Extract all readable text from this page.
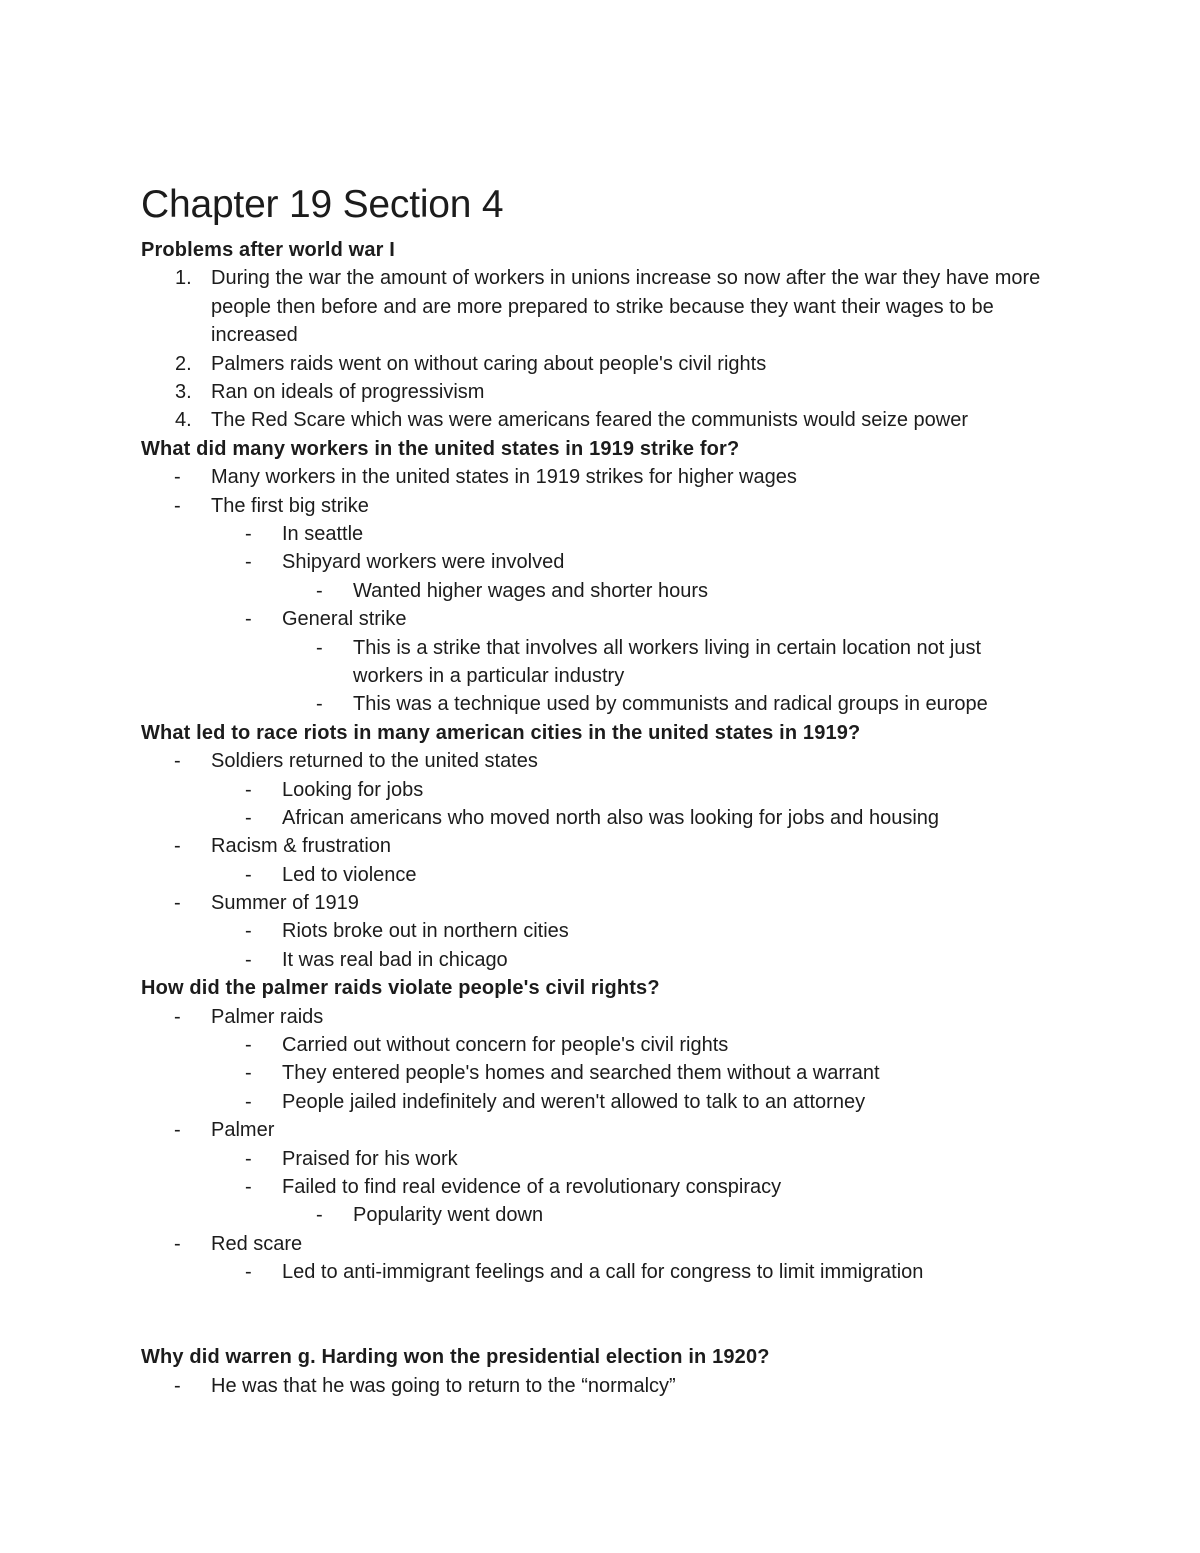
Chapter 19 Section 4
Problems after world war I
1. During the war the amount of workers in unions increase so now after the war they have more people then before and are more prepared to strike because they want their wages to be increased
2. Palmers raids went on without caring about people's civil rights
3. Ran on ideals of progressivism
4. The Red Scare which was were americans feared the communists would seize power
What did many workers in the united states in 1919 strike for?
-	Many workers in the united states in 1919 strikes for higher wages
-	The first big strike
-	In seattle
-	Shipyard workers were involved
-	Wanted higher wages and shorter hours
-	General strike
-	This is a strike that involves all workers living in certain location not just workers in a particular industry
-	This was a technique used by communists and radical groups in europe
What led to race riots in many american cities in the united states in 1919?
-	Soldiers returned to the united states
-	Looking for jobs
-	African americans who moved north also was looking for jobs and housing
-	Racism & frustration
-	Led to violence
-	Summer of 1919
-	Riots broke out in northern cities
-	It was real bad in chicago
How did the palmer raids violate people's civil rights?
-	Palmer raids
-	Carried out without concern for people's civil rights
-	They entered people's homes and searched them without a warrant
-	People jailed indefinitely and weren't allowed to talk to an attorney
-	Palmer
-	Praised for his work
-	Failed to find real evidence of a revolutionary conspiracy
-	Popularity went down
-	Red scare
-	Led to anti-immigrant feelings and a call for congress to limit immigration
Why did warren g. Harding won the presidential election in 1920?
-	He was that he was going to return to the “normalcy”
